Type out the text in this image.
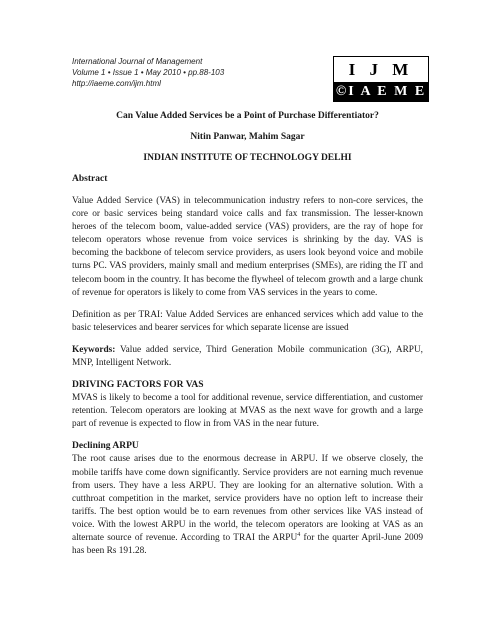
International Journal of Management
Volume 1 • Issue 1 • May 2010 • pp.88-103
http://iaeme.com/ijm.html
I J M
©I A E M E
Can Value Added Services be a Point of Purchase Differentiator?
Nitin Panwar, Mahim Sagar
INDIAN INSTITUTE OF TECHNOLOGY DELHI

Abstract

Value Added Service (VAS) in telecommunication industry refers to non-core services, the core or basic services being standard voice calls and fax transmission. The lesser-known heroes of the telecom boom, value-added service (VAS) providers, are the ray of hope for telecom operators whose revenue from voice services is shrinking by the day. VAS is becoming the backbone of telecom service providers, as users look beyond voice and mobile turns PC. VAS providers, mainly small and medium enterprises (SMEs), are riding the IT and telecom boom in the country. It has become the flywheel of telecom growth and a large chunk of revenue for operators is likely to come from VAS services in the years to come.

Definition as per TRAI: Value Added Services are enhanced services which add value to the basic teleservices and bearer services for which separate license are issued

Keywords: Value added service, Third Generation Mobile communication (3G), ARPU, MNP, Intelligent Network.

DRIVING FACTORS FOR VAS

MVAS is likely to become a tool for additional revenue, service differentiation, and customer retention. Telecom operators are looking at MVAS as the next wave for growth and a large part of revenue is expected to flow in from VAS in the near future.

Declining ARPU

The root cause arises due to the enormous decrease in ARPU. If we observe closely, the mobile tariffs have come down significantly. Service providers are not earning much revenue from users. They have a less ARPU. They are looking for an alternative solution. With a cutthroat competition in the market, service providers have no option left to increase their tariffs. The best option would be to earn revenues from other services like VAS instead of voice. With the lowest ARPU in the world, the telecom operators are looking at VAS as an alternate source of revenue. According to TRAI the ARPU$^4$ for the quarter April-June 2009 has been Rs 191.28.
